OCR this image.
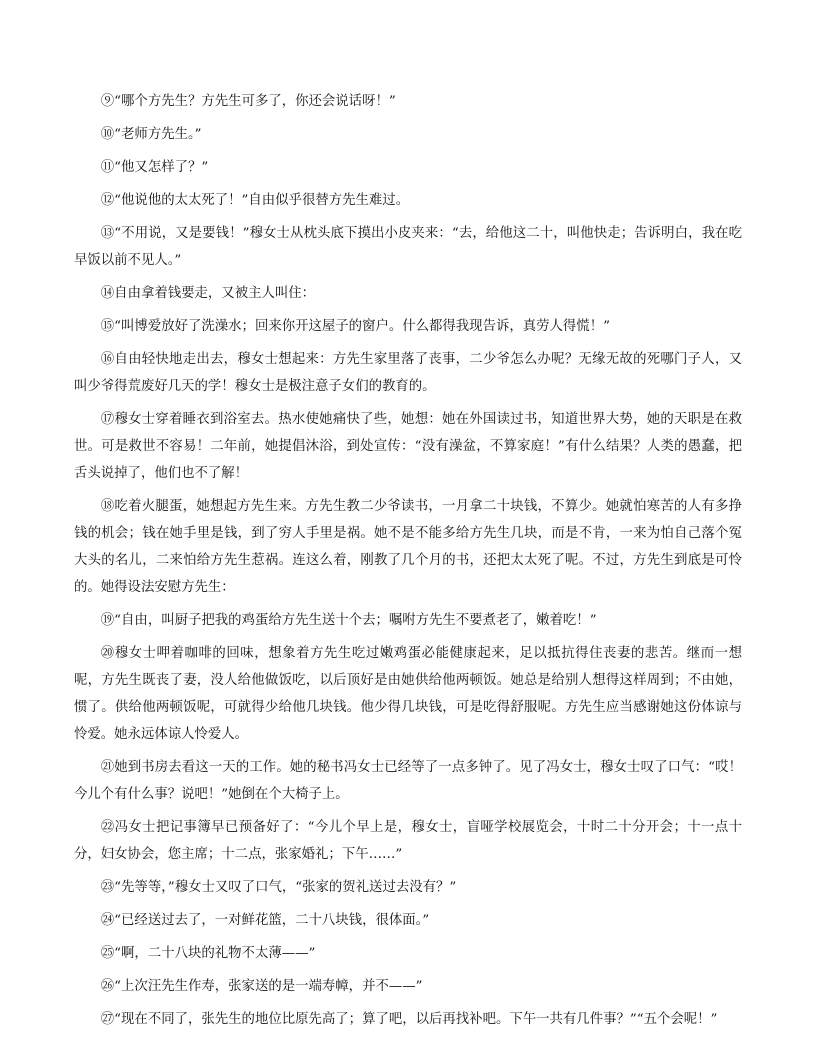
⑨“哪个方先生？方先生可多了，你还会说话呀！”

⑩“老师方先生。”

⑪“他又怎样了？”

⑫“他说他的太太死了！”自由似乎很替方先生难过。

⑬“不用说，又是要钱！”穆女士从枕头底下摸出小皮夹来：“去，给他这二十，叫他快走；告诉明白，我在吃早饭以前不见人。”

⑭自由拿着钱要走，又被主人叫住：

⑮“叫博爱放好了洗澡水；回来你开这屋子的窗户。什么都得我现告诉，真劳人得慌！”

⑯自由轻快地走出去，穆女士想起来：方先生家里落了丧事，二少爷怎么办呢？无缘无故的死哪门子人，又叫少爷得荒废好几天的学！穆女士是极注意子女们的教育的。

⑰穆女士穿着睡衣到浴室去。热水使她痛快了些，她想：她在外国读过书，知道世界大势，她的天职是在救世。可是救世不容易！二年前，她提倡沐浴，到处宣传：“没有澡盆，不算家庭！”有什么结果？人类的愚蠢，把舌头说掉了，他们也不了解！

⑱吃着火腿蛋，她想起方先生来。方先生教二少爷读书，一月拿二十块钱，不算少。她就怕寒苦的人有多挣钱的机会；钱在她手里是钱，到了穷人手里是祸。她不是不能多给方先生几块，而是不肯，一来为怕自己落个冤大头的名儿，二来怕给方先生惹祸。连这么着，刚教了几个月的书，还把太太死了呢。不过，方先生到底是可怜的。她得设法安慰方先生：

⑲“自由，叫厨子把我的鸡蛋给方先生送十个去；嘱咐方先生不要煮老了，嫩着吃！”

⑳穆女士呷着咖啡的回味，想象着方先生吃过嫩鸡蛋必能健康起来，足以抵抗得住丧妻的悲苦。继而一想呢，方先生既丧了妻，没人给他做饭吃，以后顶好是由她供给他两顿饭。她总是给别人想得这样周到；不由她，惯了。供给他两顿饭呢，可就得少给他几块钱。他少得几块钱，可是吃得舒服呢。方先生应当感谢她这份体谅与怜爱。她永远体谅人怜爱人。

㉑她到书房去看这一天的工作。她的秘书冯女士已经等了一点多钟了。见了冯女士，穆女士叹了口气：“哎！今儿个有什么事？说吧！”她倒在个大椅子上。

㉒冯女士把记事簿早已预备好了：“今儿个早上是，穆女士，盲哑学校展览会，十时二十分开会；十一点十分，妇女协会，您主席；十二点，张家婚礼；下午……”

㉓“先等等，”穆女士又叹了口气，“张家的贺礼送过去没有？”

㉔“已经送过去了，一对鲜花篮，二十八块钱，很体面。”

㉕“啊，二十八块的礼物不太薄——”

㉖“上次汪先生作寿，张家送的是一端寿幛，并不——”

㉗“现在不同了，张先生的地位比原先高了；算了吧，以后再找补吧。下午一共有几件事？”“五个会呢！”
